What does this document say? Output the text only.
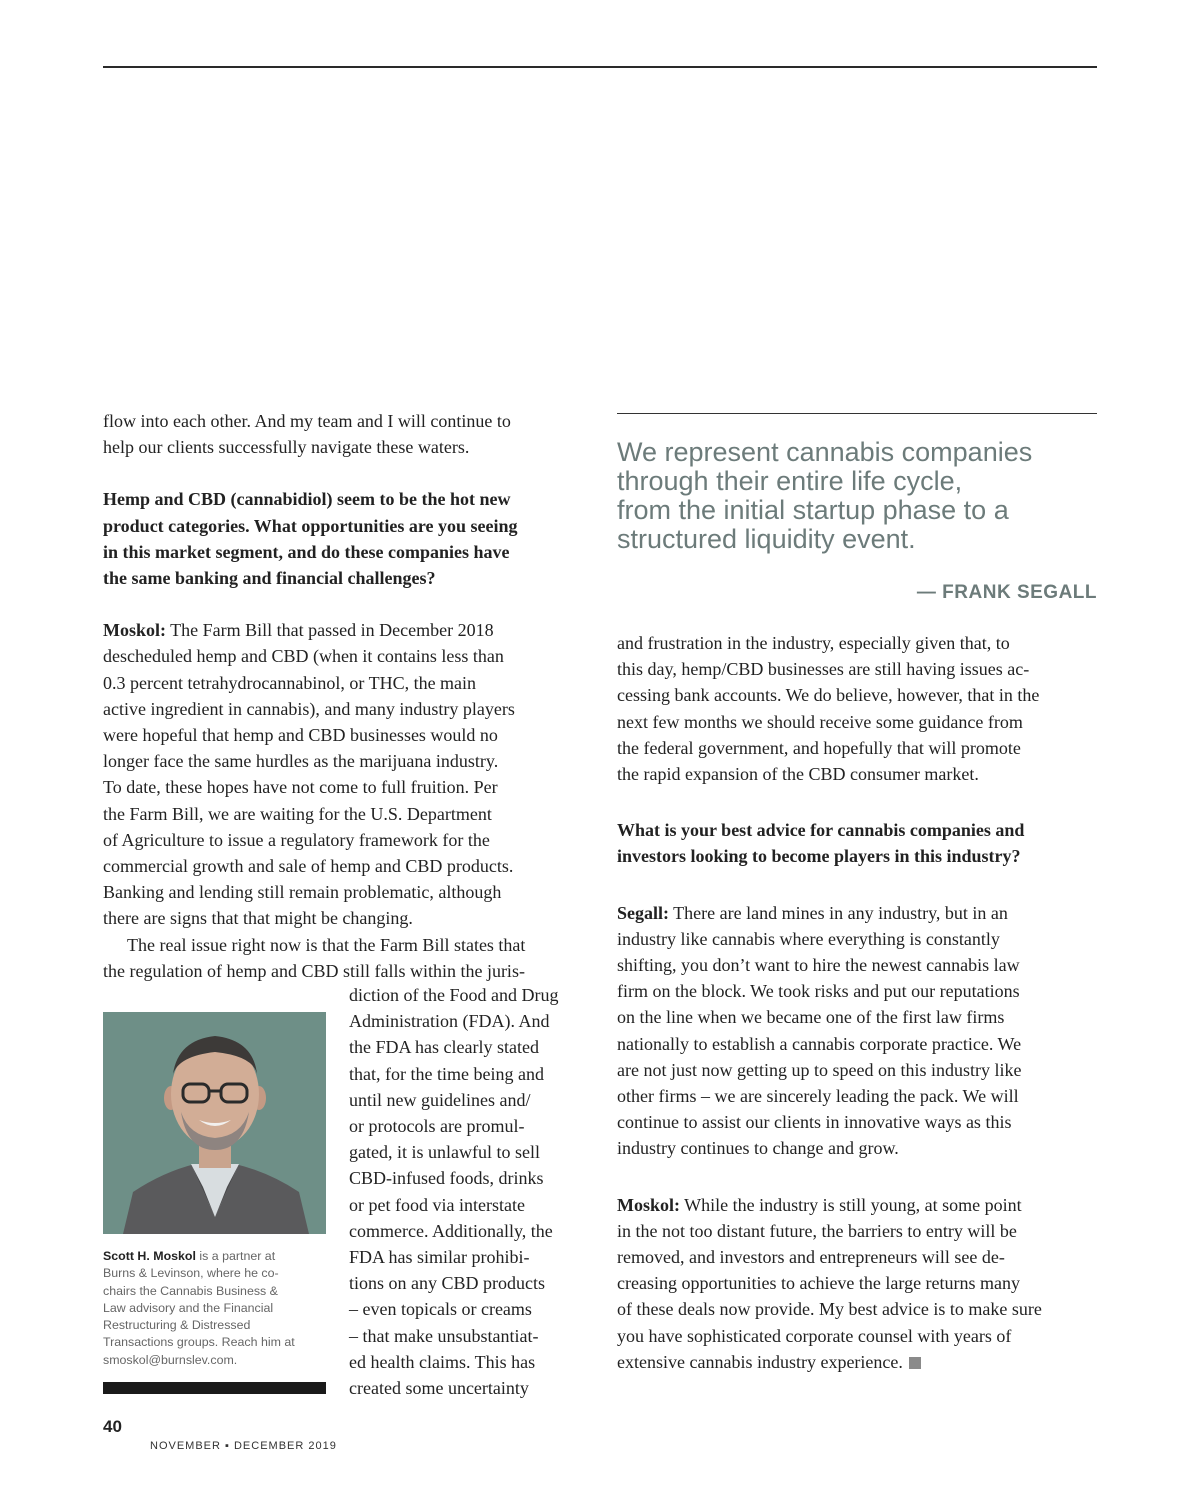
flow into each other. And my team and I will continue to
help our clients successfully navigate these waters.
Hemp and CBD (cannabidiol) seem to be the hot new
product categories. What opportunities are you seeing
in this market segment, and do these companies have
the same banking and financial challenges?
Moskol: The Farm Bill that passed in December 2018
descheduled hemp and CBD (when it contains less than
0.3 percent tetrahydrocannabinol, or THC, the main
active ingredient in cannabis), and many industry players
were hopeful that hemp and CBD businesses would no
longer face the same hurdles as the marijuana industry.
To date, these hopes have not come to full fruition. Per
the Farm Bill, we are waiting for the U.S. Department
of Agriculture to issue a regulatory framework for the
commercial growth and sale of hemp and CBD products.
Banking and lending still remain problematic, although
there are signs that that might be changing.
The real issue right now is that the Farm Bill states that
the regulation of hemp and CBD still falls within the juris-
diction of the Food and Drug
Administration (FDA). And
the FDA has clearly stated
that, for the time being and
until new guidelines and/
or protocols are promul-
gated, it is unlawful to sell
CBD-infused foods, drinks
or pet food via interstate
commerce. Additionally, the
FDA has similar prohibi-
tions on any CBD products
– even topicals or creams
– that make unsubstantiat-
ed health claims. This has
created some uncertainty
Scott H. Moskol is a partner at
Burns & Levinson, where he co-
chairs the Cannabis Business &
Law advisory and the Financial
Restructuring & Distressed
Transactions groups. Reach him at
smoskol@burnslev.com.
We represent cannabis companies
through their entire life cycle,
from the initial startup phase to a
structured liquidity event.

— FRANK SEGALL

and frustration in the industry, especially given that, to
this day, hemp/CBD businesses are still having issues ac-
cessing bank accounts. We do believe, however, that in the
next few months we should receive some guidance from
the federal government, and hopefully that will promote
the rapid expansion of the CBD consumer market.
What is your best advice for cannabis companies and
investors looking to become players in this industry?
Segall: There are land mines in any industry, but in an
industry like cannabis where everything is constantly
shifting, you don’t want to hire the newest cannabis law
firm on the block. We took risks and put our reputations
on the line when we became one of the first law firms
nationally to establish a cannabis corporate practice. We
are not just now getting up to speed on this industry like
other firms – we are sincerely leading the pack. We will
continue to assist our clients in innovative ways as this
industry continues to change and grow.
Moskol: While the industry is still young, at some point
in the not too distant future, the barriers to entry will be
removed, and investors and entrepreneurs will see de-
creasing opportunities to achieve the large returns many
of these deals now provide. My best advice is to make sure
you have sophisticated corporate counsel with years of
extensive cannabis industry experience.

40

NOVEMBER ▪ DECEMBER 2019
